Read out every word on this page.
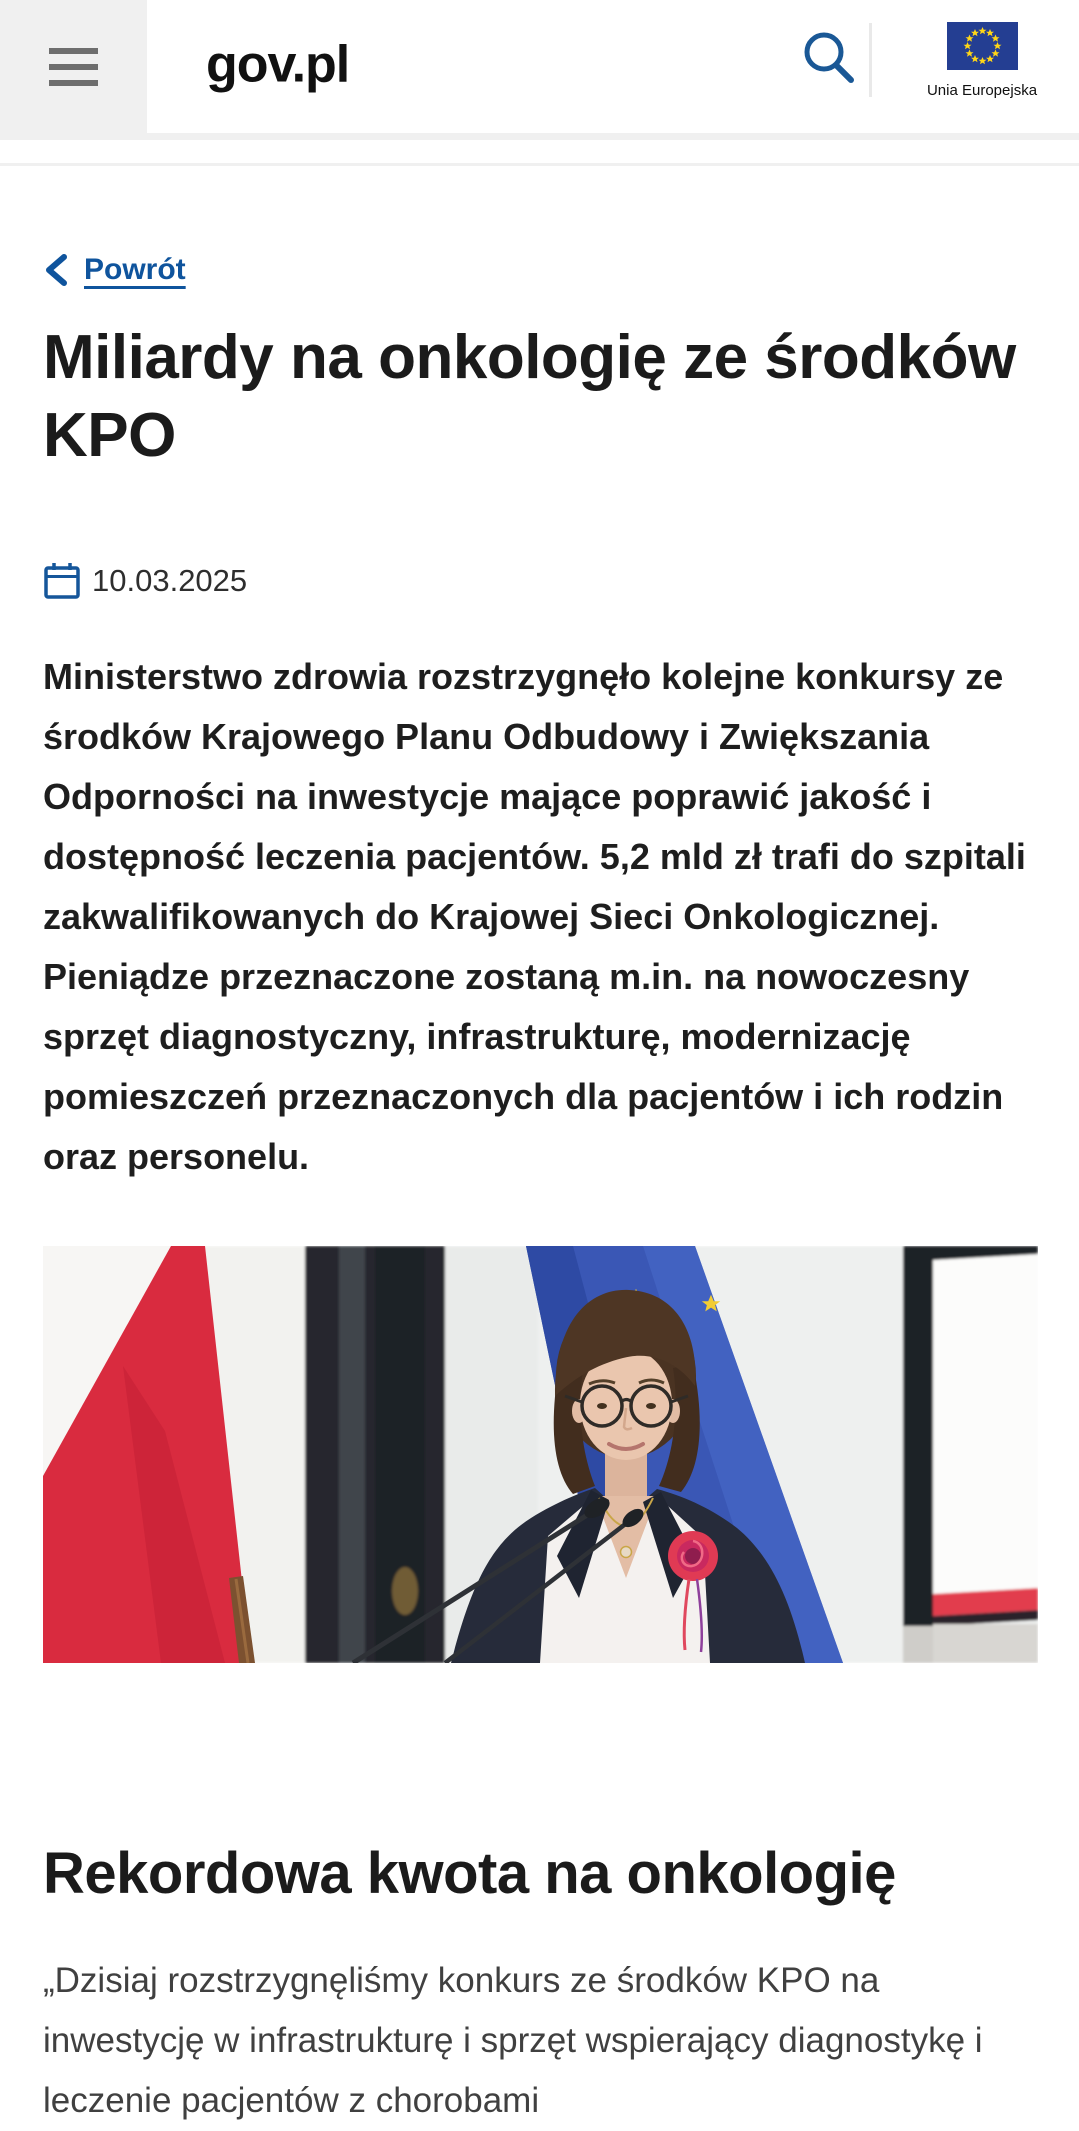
gov.pl	Unia Europejska
Powrót
Miliardy na onkologię ze środków KPO
10.03.2025

Ministerstwo zdrowia rozstrzygnęło kolejne konkursy ze środków Krajowego Planu Odbudowy i Zwiększania Odporności na inwestycje mające poprawić jakość i dostępność leczenia pacjentów. 5,2 mld zł trafi do szpitali zakwalifikowanych do Krajowej Sieci Onkologicznej. Pieniądze przeznaczone zostaną m.in. na nowoczesny sprzęt diagnostyczny, infrastrukturę, modernizację pomieszczeń przeznaczonych dla pacjentów i ich rodzin oraz personelu.

Rekordowa kwota na onkologię

„Dzisiaj rozstrzygnęliśmy konkurs ze środków KPO na inwestycję w infrastrukturę i sprzęt wspierający diagnostykę i leczenie pacjentów z chorobami
